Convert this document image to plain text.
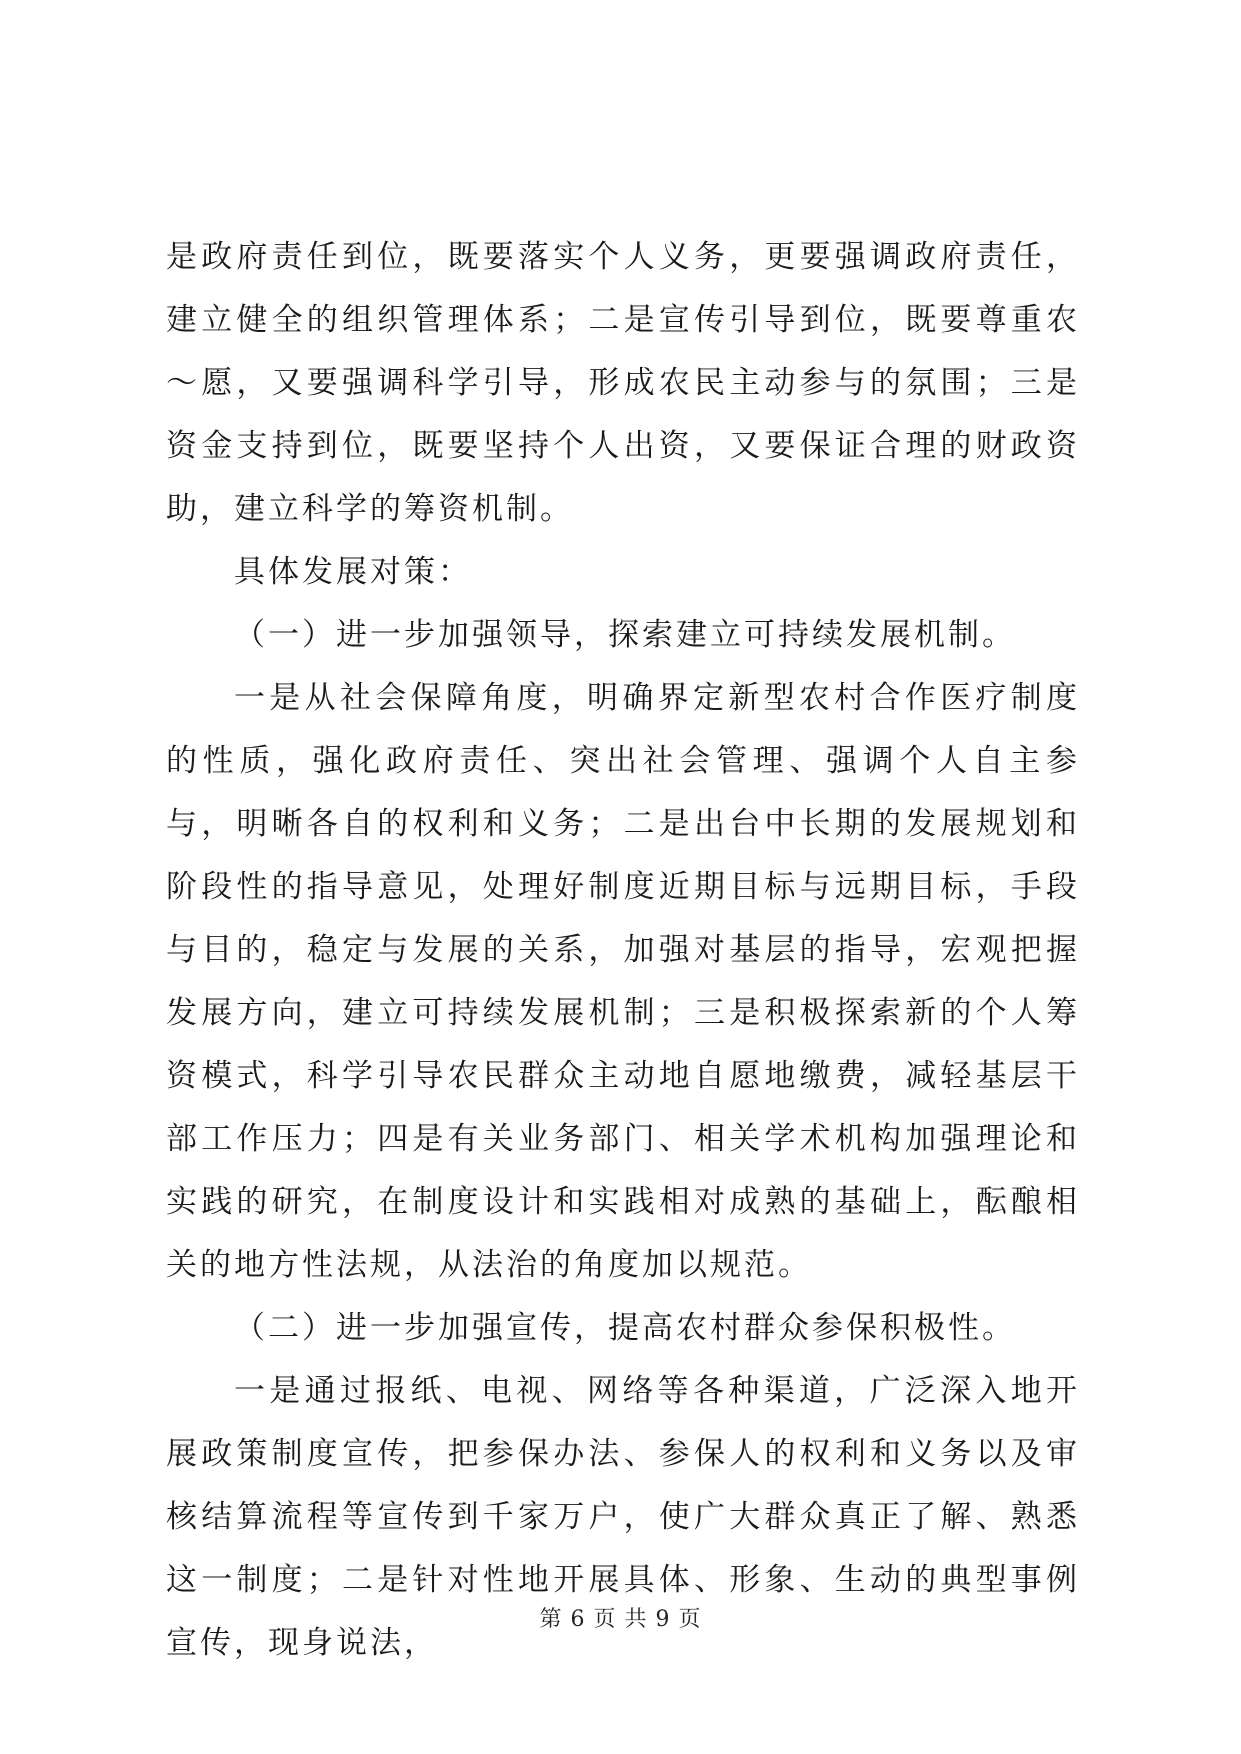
是政府责任到位，既要落实个人义务，更要强调政府责任，建立健全的组织管理体系；二是宣传引导到位，既要尊重农～愿，又要强调科学引导，形成农民主动参与的氛围；三是资金支持到位，既要坚持个人出资，又要保证合理的财政资助，建立科学的筹资机制。

具体发展对策：

（一）进一步加强领导，探索建立可持续发展机制。

一是从社会保障角度，明确界定新型农村合作医疗制度的性质，强化政府责任、突出社会管理、强调个人自主参与，明晰各自的权利和义务；二是出台中长期的发展规划和阶段性的指导意见，处理好制度近期目标与远期目标，手段与目的，稳定与发展的关系，加强对基层的指导，宏观把握发展方向，建立可持续发展机制；三是积极探索新的个人筹资模式，科学引导农民群众主动地自愿地缴费，减轻基层干部工作压力；四是有关业务部门、相关学术机构加强理论和实践的研究，在制度设计和实践相对成熟的基础上，酝酿相关的地方性法规，从法治的角度加以规范。

（二）进一步加强宣传，提高农村群众参保积极性。

一是通过报纸、电视、网络等各种渠道，广泛深入地开展政策制度宣传，把参保办法、参保人的权利和义务以及审核结算流程等宣传到千家万户，使广大群众真正了解、熟悉这一制度；二是针对性地开展具体、形象、生动的典型事例宣传，现身说法，

第 6 页 共 9 页
